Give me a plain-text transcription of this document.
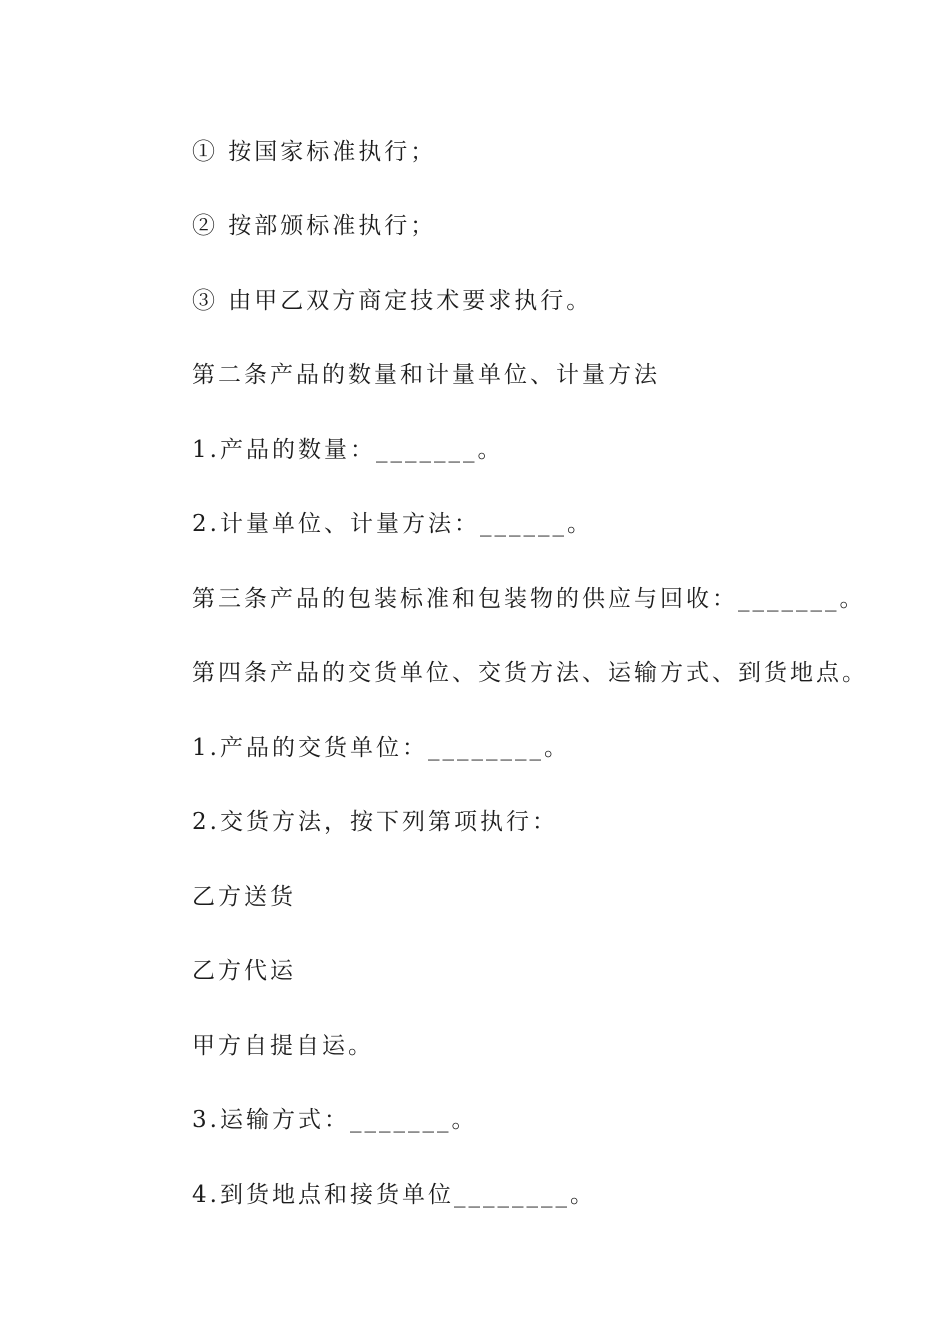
① 按国家标准执行；

② 按部颁标准执行；

③ 由甲乙双方商定技术要求执行。

第二条产品的数量和计量单位、计量方法

1.产品的数量：_______。

2.计量单位、计量方法：______。

第三条产品的包装标准和包装物的供应与回收：_______。

第四条产品的交货单位、交货方法、运输方式、到货地点。

1.产品的交货单位：________。

2.交货方法，按下列第项执行：

乙方送货

乙方代运

甲方自提自运。

3.运输方式：_______。

4.到货地点和接货单位________。
